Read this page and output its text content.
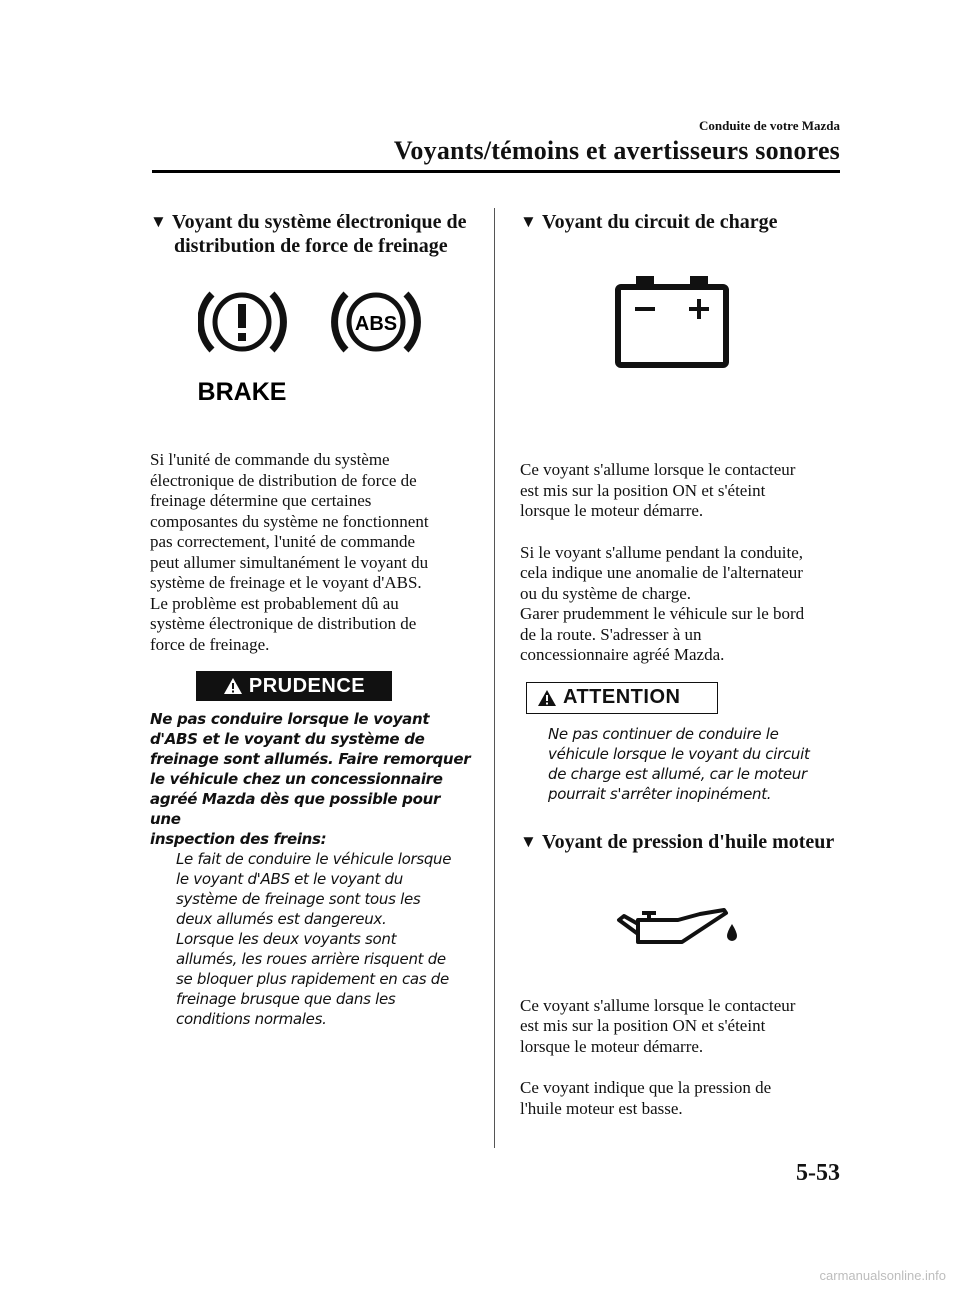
Conduite de votre Mazda
Voyants/témoins et avertisseurs sonores

▼ Voyant du système électronique de
distribution de force de freinage

BRAKE
ABS

Si l'unité de commande du système

électronique de distribution de force de

freinage détermine que certaines

composantes du système ne fonctionnent

pas correctement, l'unité de commande

peut allumer simultanément le voyant du

système de freinage et le voyant d'ABS.

Le problème est probablement dû au

système électronique de distribution de

force de freinage.

PRUDENCE

Ne pas conduire lorsque le voyant

d'ABS et le voyant du système de

freinage sont allumés. Faire remorquer

le véhicule chez un concessionnaire

agréé Mazda dès que possible pour une

inspection des freins:

Le fait de conduire le véhicule lorsque

le voyant d'ABS et le voyant du

système de freinage sont tous les

deux allumés est dangereux.

Lorsque les deux voyants sont

allumés, les roues arrière risquent de

se bloquer plus rapidement en cas de

freinage brusque que dans les

conditions normales.

▼ Voyant du circuit de charge

Ce voyant s'allume lorsque le contacteur

est mis sur la position ON et s'éteint

lorsque le moteur démarre.

Si le voyant s'allume pendant la conduite,

cela indique une anomalie de l'alternateur

ou du système de charge.

Garer prudemment le véhicule sur le bord

de la route. S'adresser à un

concessionnaire agréé Mazda.

ATTENTION

Ne pas continuer de conduire le

véhicule lorsque le voyant du circuit

de charge est allumé, car le moteur

pourrait s'arrêter inopinément.

▼ Voyant de pression d'huile moteur

Ce voyant s'allume lorsque le contacteur

est mis sur la position ON et s'éteint

lorsque le moteur démarre.

Ce voyant indique que la pression de

l'huile moteur est basse.

5-53
carmanualsonline.info
